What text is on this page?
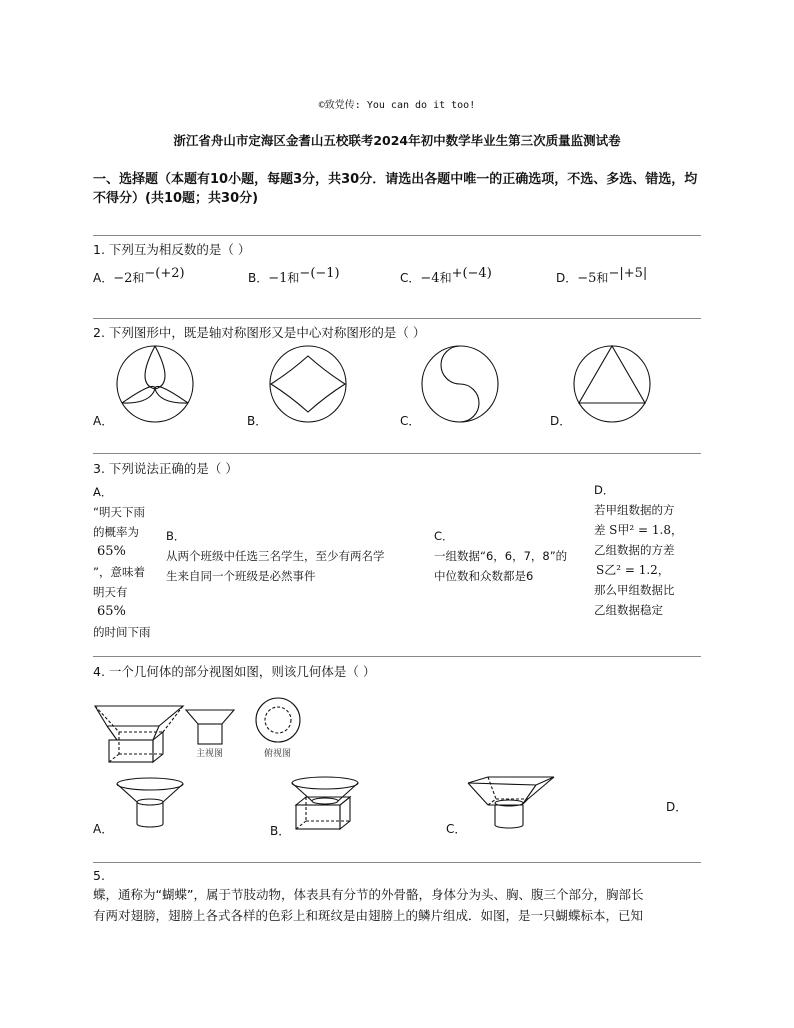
©致党传: You can do it too!
浙江省舟山市定海区金耆山五校联考2024年初中数学毕业生第三次质量监测试卷
一、选择题（本题有10小题，每题3分，共30分．请选出各题中唯一的正确选项，不选、多选、错选，均不得分）(共10题；共30分)
1. 下列互为相反数的是（ ）
A．−2和$^{-(+2)}$	B．−1和$^{-(-1)}$	C．−4和$^{+(-4)}$	D．−5和$^{-|+5|}$
2. 下列图形中，既是轴对称图形又是中心对称图形的是（ ）
A．	B．	C．	D．
3. 下列说法正确的是（ ）
A．
“明天下雨
的概率为
65%
”，意味着
明天有
65%
的时间下雨
B．
从两个班级中任选三名学生，至少有两名学
生来自同一个班级是必然事件
C．
一组数据“6，6，7，8”的
中位数和众数都是6
D．
若甲组数据的方
差 S甲² = 1.8，
乙组数据的方差
S乙² = 1.2，
那么甲组数据比
乙组数据稳定
4. 一个几何体的部分视图如图，则该几何体是（ ）
主视图	俯视图
A．	B．	C．
D．
5.
蝶，通称为“蝴蝶”，属于节肢动物，体表具有分节的外骨骼，身体分为头、胸、腹三个部分，胸部长
有两对翅膀，翅膀上各式各样的色彩上和斑纹是由翅膀上的鳞片组成．如图，是一只蝴蝶标本，已知
